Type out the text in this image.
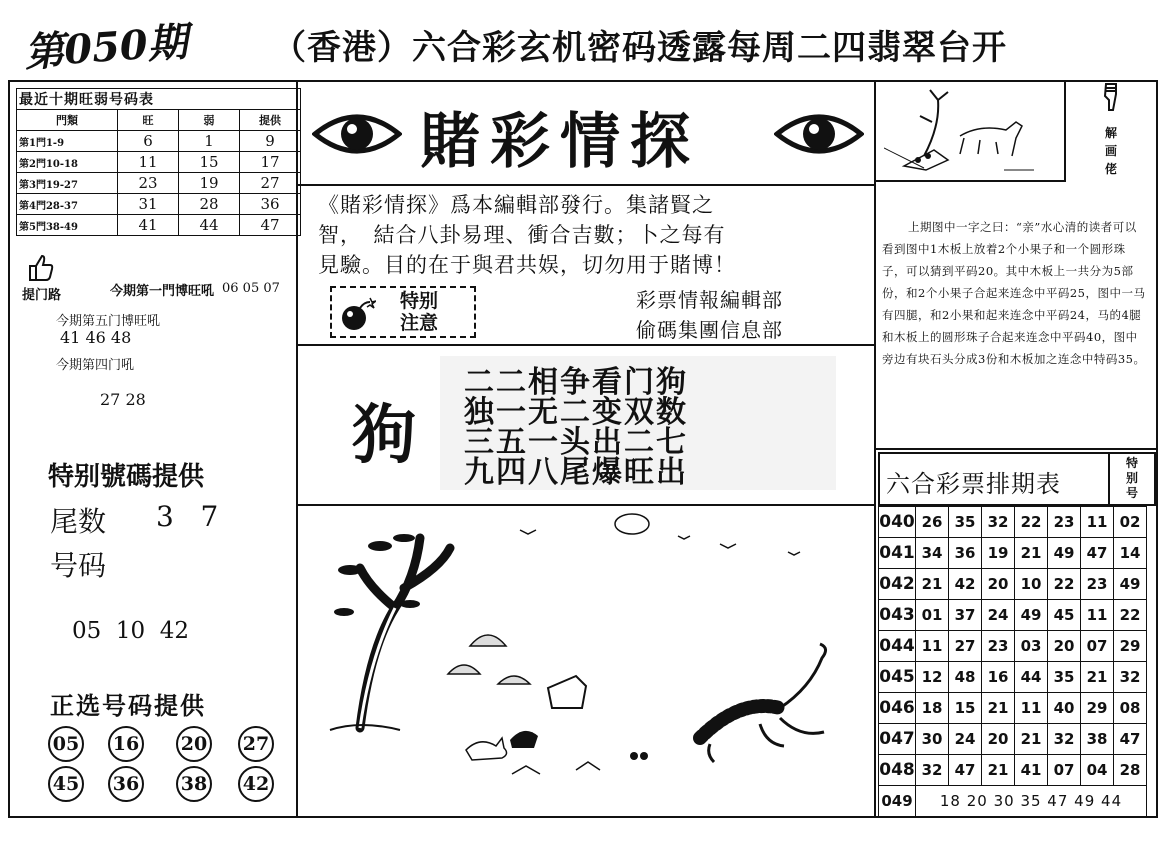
第050期 （香港）六合彩玄机密码透露每周二四翡翠台开
最近十期旺弱号码表			
門類	旺	弱	提供
第1門1-9	6	1	9
第2門10-18	11	15	17
第3門19-27	23	19	27
第4門28-37	31	28	36
第5門38-49	41	44	47
提门路	今期第一門博旺吼 06 05 07
今期第五门博旺吼
41 46 48
今期第四门吼
27 28
特别號碼提供
尾数 3   7
号码
05  10  42
正选号码提供
05 16 20 27
45 36 38 42
賭彩情探
《賭彩情探》爲本編輯部發行。集諸賢之
智，　結合八卦易理、衝合吉數；卜之每有
見驗。目的在于與君共娱，切勿用于賭博！
特别
注意
彩票情報編輯部
偷碼集團信息部
狗
二二相争看门狗
独一无二变双数
三五一头出二七
九四八尾爆旺出
解画佬
上期图中一字之曰：“亲”水心清的读者可以看到图中1木板上放着2个小果子和一个圆形珠子，可以猜到平码20。其中木板上一共分为5部份，和2个小果子合起来连念中平码25，图中一马有四腿，和2小果和起来连念中平码24，马的4腿和木板上的圆形珠子合起来连念中平码40，图中旁边有块石头分成3份和木板加之连念中特码35。
六合彩票排期表
特别号
040	26	35	32	22	23	11	02
041	34	36	19	21	49	47	14
042	21	42	20	10	22	23	49
043	01	37	24	49	45	11	22
044	11	27	23	03	20	07	29
045	12	48	16	44	35	21	32
046	18	15	21	11	40	29	08
047	30	24	20	21	32	38	47
048	32	47	21	41	07	04	28
049	18 20 30 35 47 49 44						
